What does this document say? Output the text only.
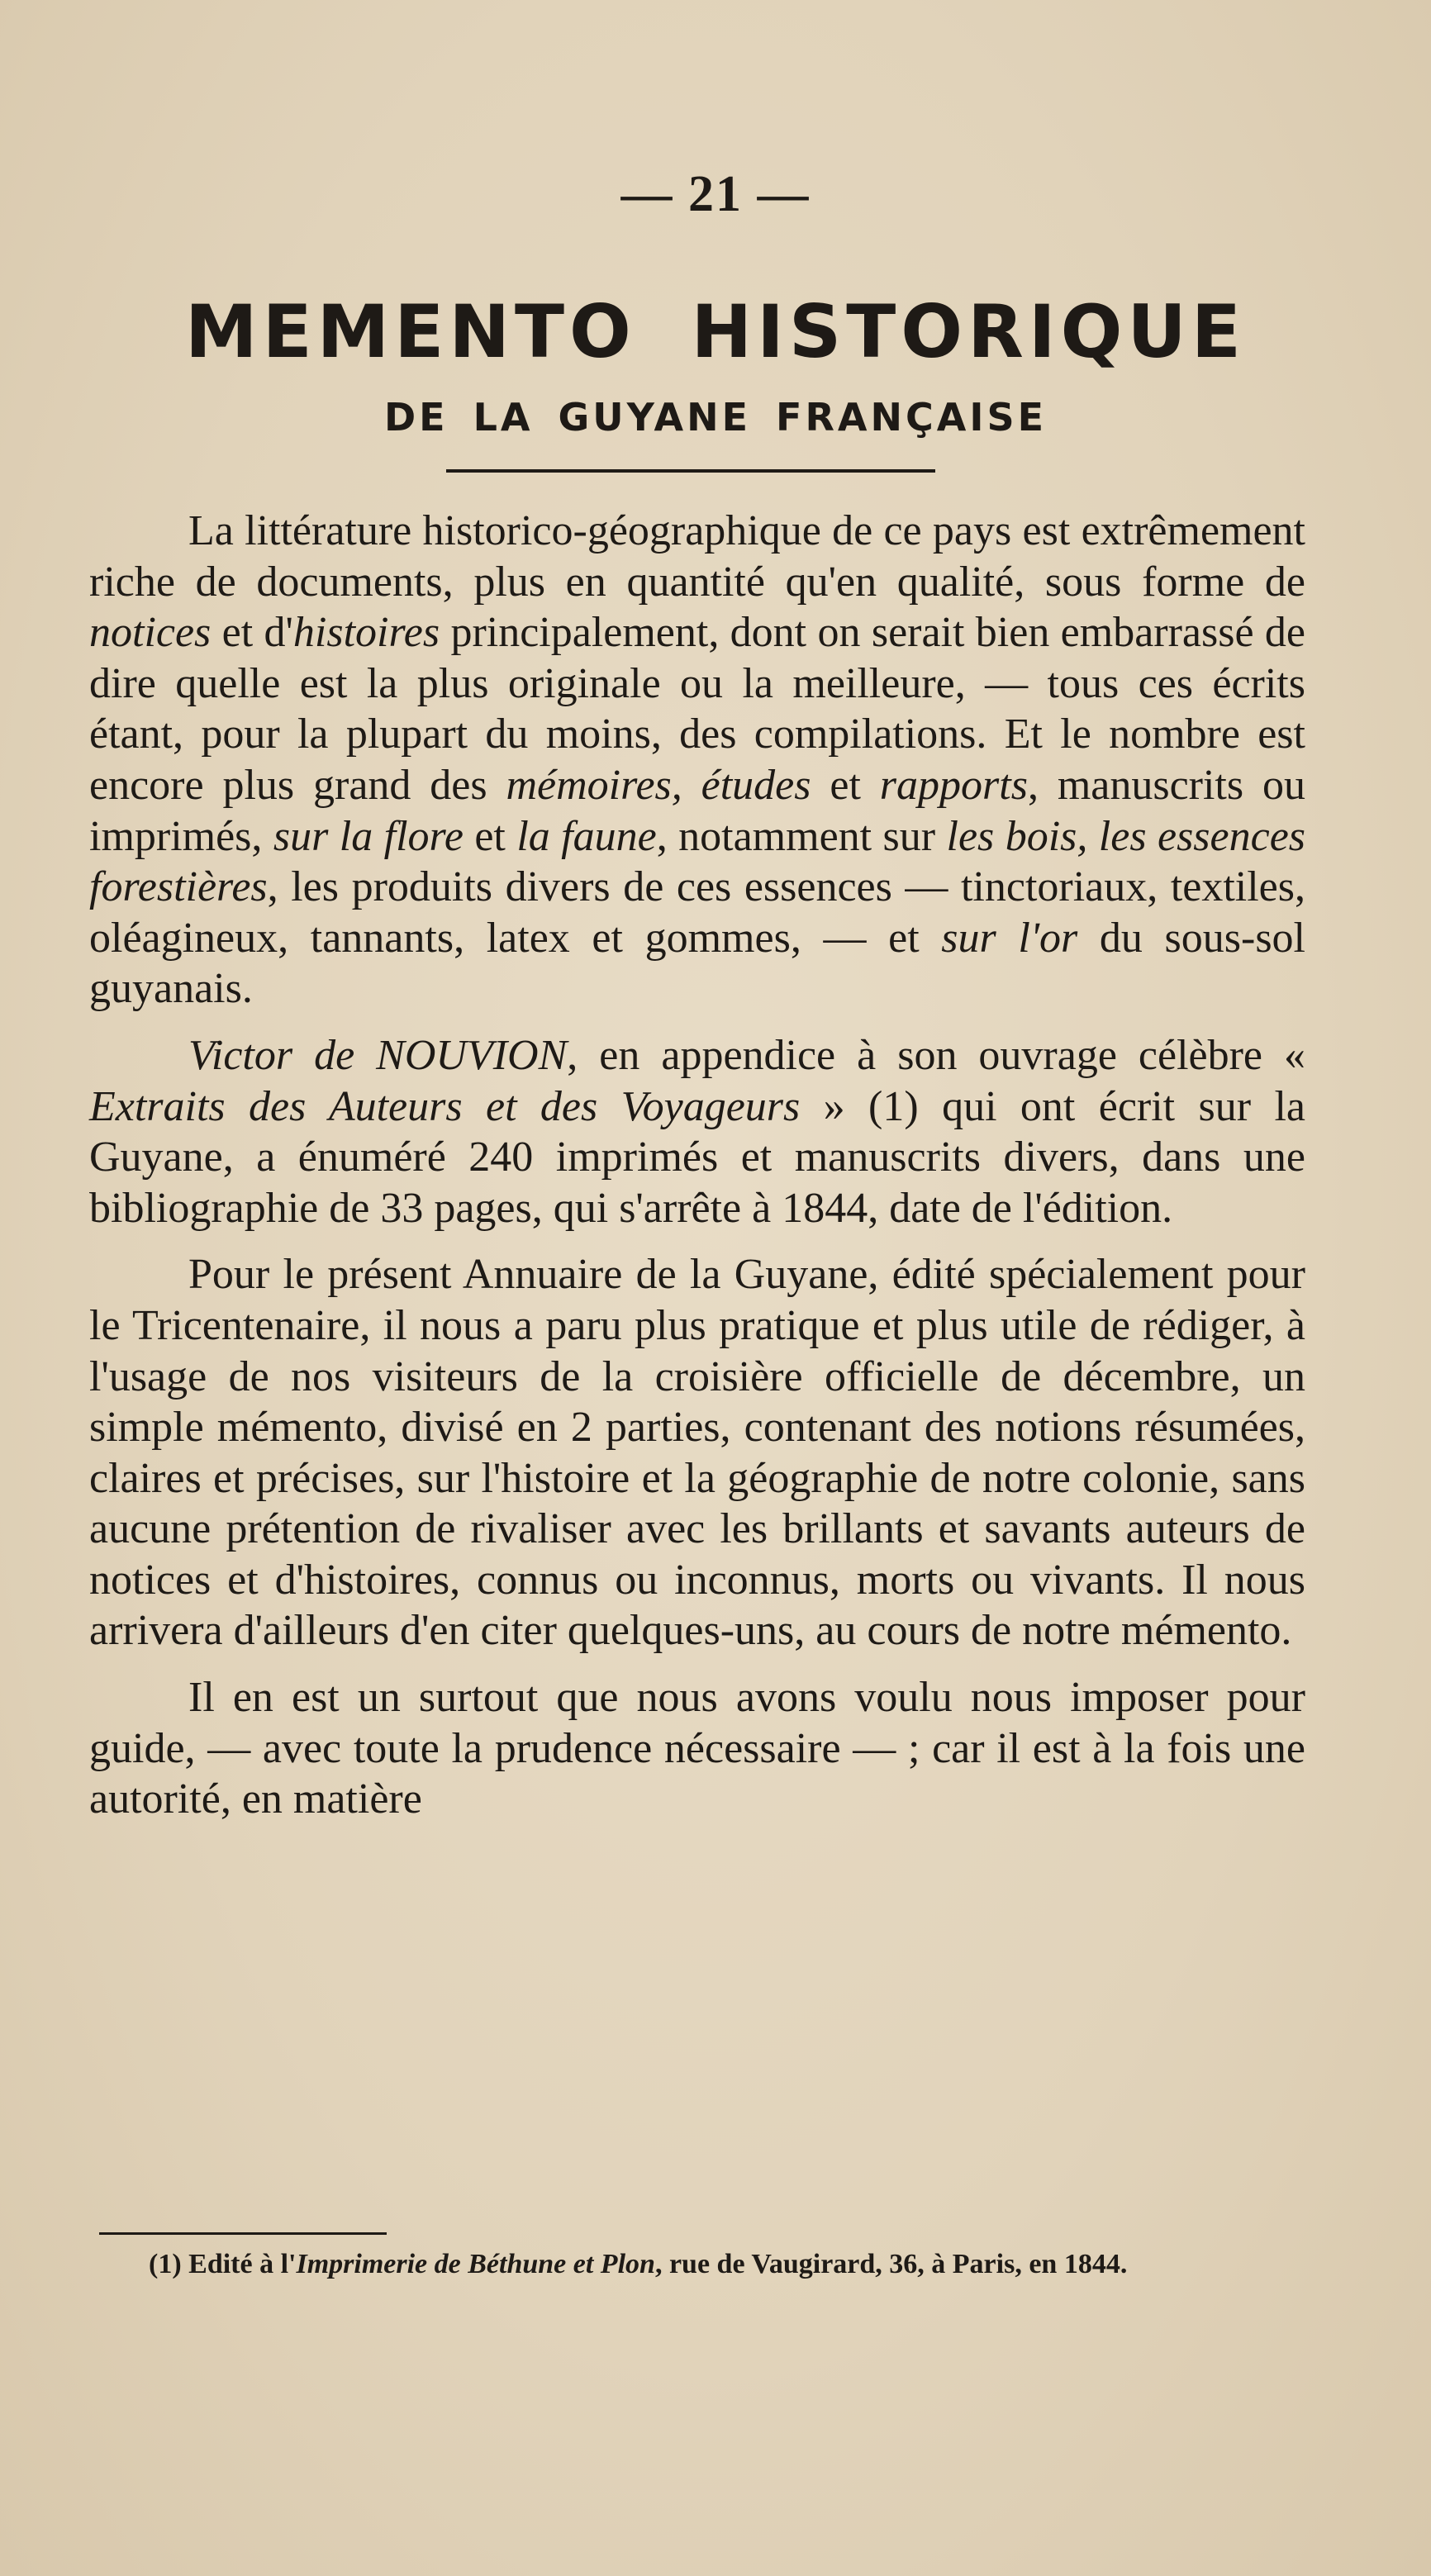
— 21 —
MEMENTO HISTORIQUE
DE LA GUYANE FRANÇAISE

La littérature historico-géographique de ce pays est extrêmement riche de documents, plus en quantité qu'en qualité, sous forme de notices et d'histoires principalement, dont on serait bien embarrassé de dire quelle est la plus originale ou la meilleure, — tous ces écrits étant, pour la plupart du moins, des compilations. Et le nombre est encore plus grand des mémoires, études et rapports, manuscrits ou imprimés, sur la flore et la faune, notamment sur les bois, les essences forestières, les produits divers de ces essences — tinctoriaux, textiles, oléagineux, tannants, latex et gommes, — et sur l'or du sous-sol guyanais.

Victor de NOUVION, en appendice à son ouvrage célèbre « Extraits des Auteurs et des Voyageurs » (1) qui ont écrit sur la Guyane, a énuméré 240 imprimés et manuscrits divers, dans une bibliographie de 33 pages, qui s'arrête à 1844, date de l'édition.

Pour le présent Annuaire de la Guyane, édité spécialement pour le Tricentenaire, il nous a paru plus pratique et plus utile de rédiger, à l'usage de nos visiteurs de la croisière officielle de décembre, un simple mémento, divisé en 2 parties, contenant des notions résumées, claires et précises, sur l'histoire et la géographie de notre colonie, sans aucune prétention de rivaliser avec les brillants et savants auteurs de notices et d'histoires, connus ou inconnus, morts ou vivants. Il nous arrivera d'ailleurs d'en citer quelques-uns, au cours de notre mémento.

Il en est un surtout que nous avons voulu nous imposer pour guide, — avec toute la prudence nécessaire — ; car il est à la fois une autorité, en matière

(1) Edité à l'Imprimerie de Béthune et Plon, rue de Vaugirard, 36, à Paris, en 1844.
